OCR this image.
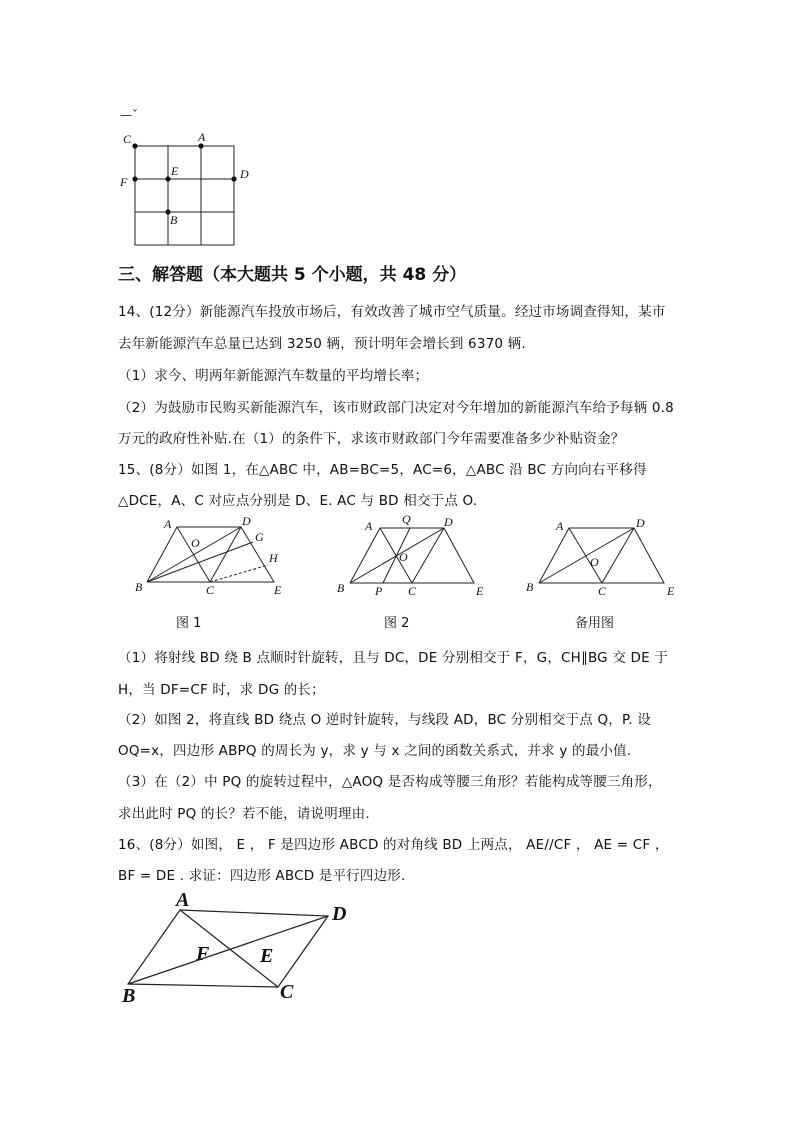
—ˇ
C	A
E	D
F
B
三、解答题（本大题共 5 个小题，共 48 分）
14、(12分）新能源汽车投放市场后，有效改善了城市空气质量。经过市场调查得知，某市
去年新能源汽车总量已达到 3250 辆，预计明年会增长到 6370 辆.
（1）求今、明两年新能源汽车数量的平均增长率；
（2）为鼓励市民购买新能源汽车，该市财政部门决定对今年增加的新能源汽车给予每辆 0.8
万元的政府性补贴.在（1）的条件下，求该市财政部门今年需要准备多少补贴资金？
15、(8分）如图 1，在△ABC 中，AB=BC=5，AC=6，△ABC 沿 BC 方向向右平移得
△DCE，A、C 对应点分别是 D、E. AC 与 BD 相交于点 O.
A	D
G
O
H
B	C	E
图 1
A Q	D
O
B	P C	E
图 2
A	D
O
B	C	E
备用图
（1）将射线 BD 绕 B 点顺时针旋转，且与 DC，DE 分别相交于 F，G，CH∥BG 交 DE 于
H，当 DF=CF 时，求 DG 的长；
（2）如图 2，将直线 BD 绕点 O 逆时针旋转，与线段 AD，BC 分别相交于点 Q，P. 设
OQ=x，四边形 ABPQ 的周长为 y，求 y 与 x 之间的函数关系式，并求 y 的最小值.
（3）在（2）中 PQ 的旋转过程中，△AOQ 是否构成等腰三角形？若能构成等腰三角形，
求出此时 PQ 的长？若不能，请说明理由.
16、(8分）如图， E ， F 是四边形 ABCD 的对角线 BD 上两点， AE//CF ， AE = CF ，
BF = DE . 求证：四边形 ABCD 是平行四边形.
A
D
F	E
B	C
